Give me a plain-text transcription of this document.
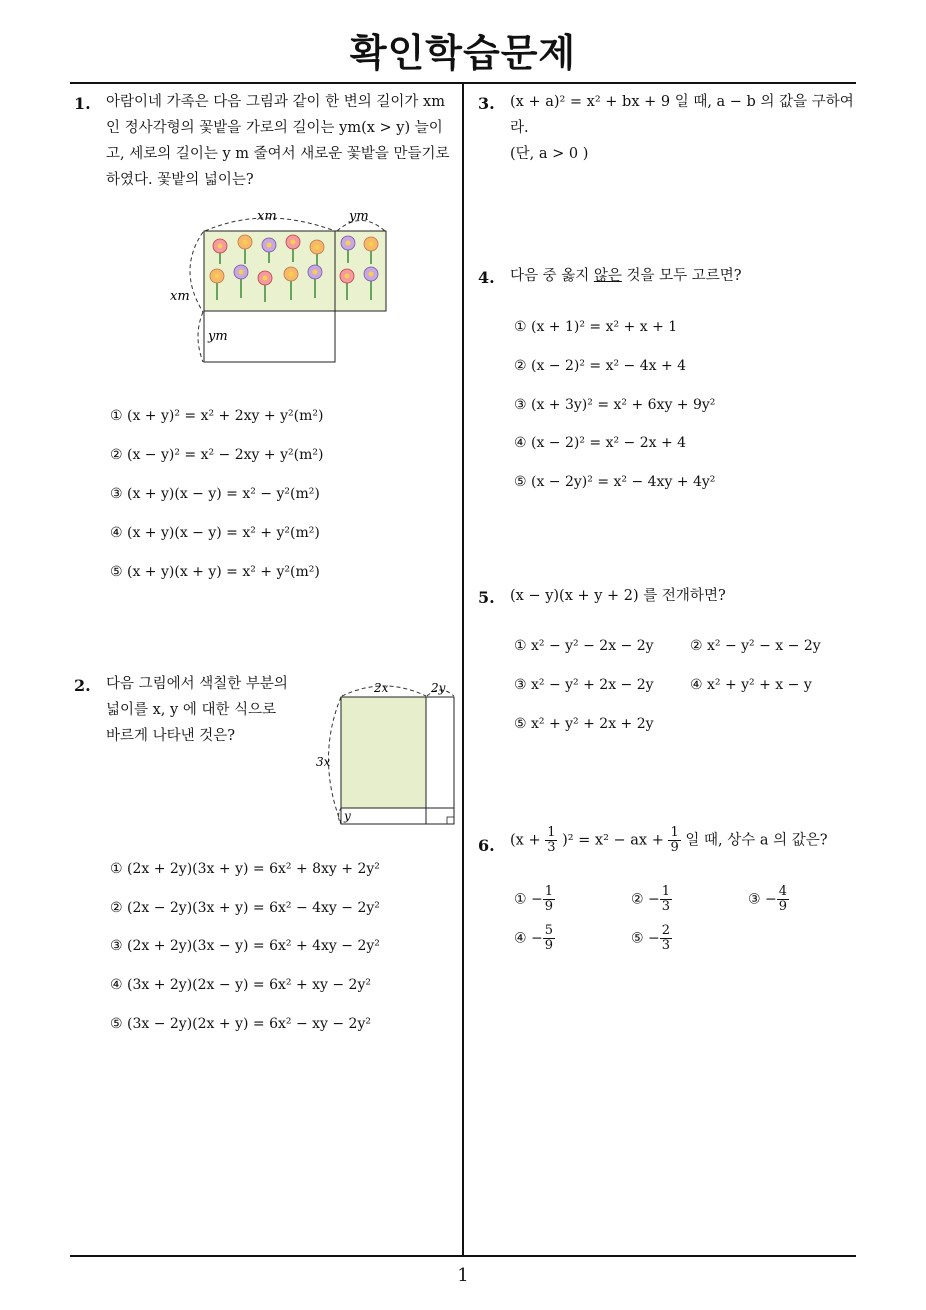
확인학습문제
1
1. 아람이네 가족은 다음 그림과 같이 한 변의 길이가 xm
인 정사각형의 꽃밭을 가로의 길이는 ym(x > y) 늘이
고, 세로의 길이는 y m 줄여서 새로운 꽃밭을 만들기로
하였다. 꽃밭의 넓이는?
xm	ym
xm
ym
① (x + y)² = x² + 2xy + y²(m²)
② (x − y)² = x² − 2xy + y²(m²)
③ (x + y)(x − y) = x² − y²(m²)
④ (x + y)(x − y) = x² + y²(m²)
⑤ (x + y)(x + y) = x² + y²(m²)
2. 다음 그림에서 색칠한 부분의
넓이를 x, y 에 대한 식으로
바르게 나타낸 것은?
2x	2y
3x
y
① (2x + 2y)(3x + y) = 6x² + 8xy + 2y²
② (2x − 2y)(3x + y) = 6x² − 4xy − 2y²
③ (2x + 2y)(3x − y) = 6x² + 4xy − 2y²
④ (3x + 2y)(2x − y) = 6x² + xy − 2y²
⑤ (3x − 2y)(2x + y) = 6x² − xy − 2y²
3. (x + a)² = x² + bx + 9 일 때, a − b 의 값을 구하여라.
(단, a > 0 )
4. 다음 중 옳지 않은 것을 모두 고르면?
① (x + 1)² = x² + x + 1
② (x − 2)² = x² − 4x + 4
③ (x + 3y)² = x² + 6xy + 9y²
④ (x − 2)² = x² − 2x + 4
⑤ (x − 2y)² = x² − 4xy + 4y²
5. (x − y)(x + y + 2) 를 전개하면?
① x² − y² − 2x − 2y	② x² − y² − x − 2y
③ x² − y² + 2x − 2y	④ x² + y² + x − y
⑤ x² + y² + 2x + 2y
6. $(x + \frac{1}{3} )^2 = x^2$ − ax + $\frac{1}{9}$ 일 때, 상수 a 의 값은?
① − $\frac{1}{9}$	② − $\frac{1}{3}$	③ − $\frac{4}{9}$
④ − $\frac{5}{9}$	⑤ − $\frac{2}{3}$
